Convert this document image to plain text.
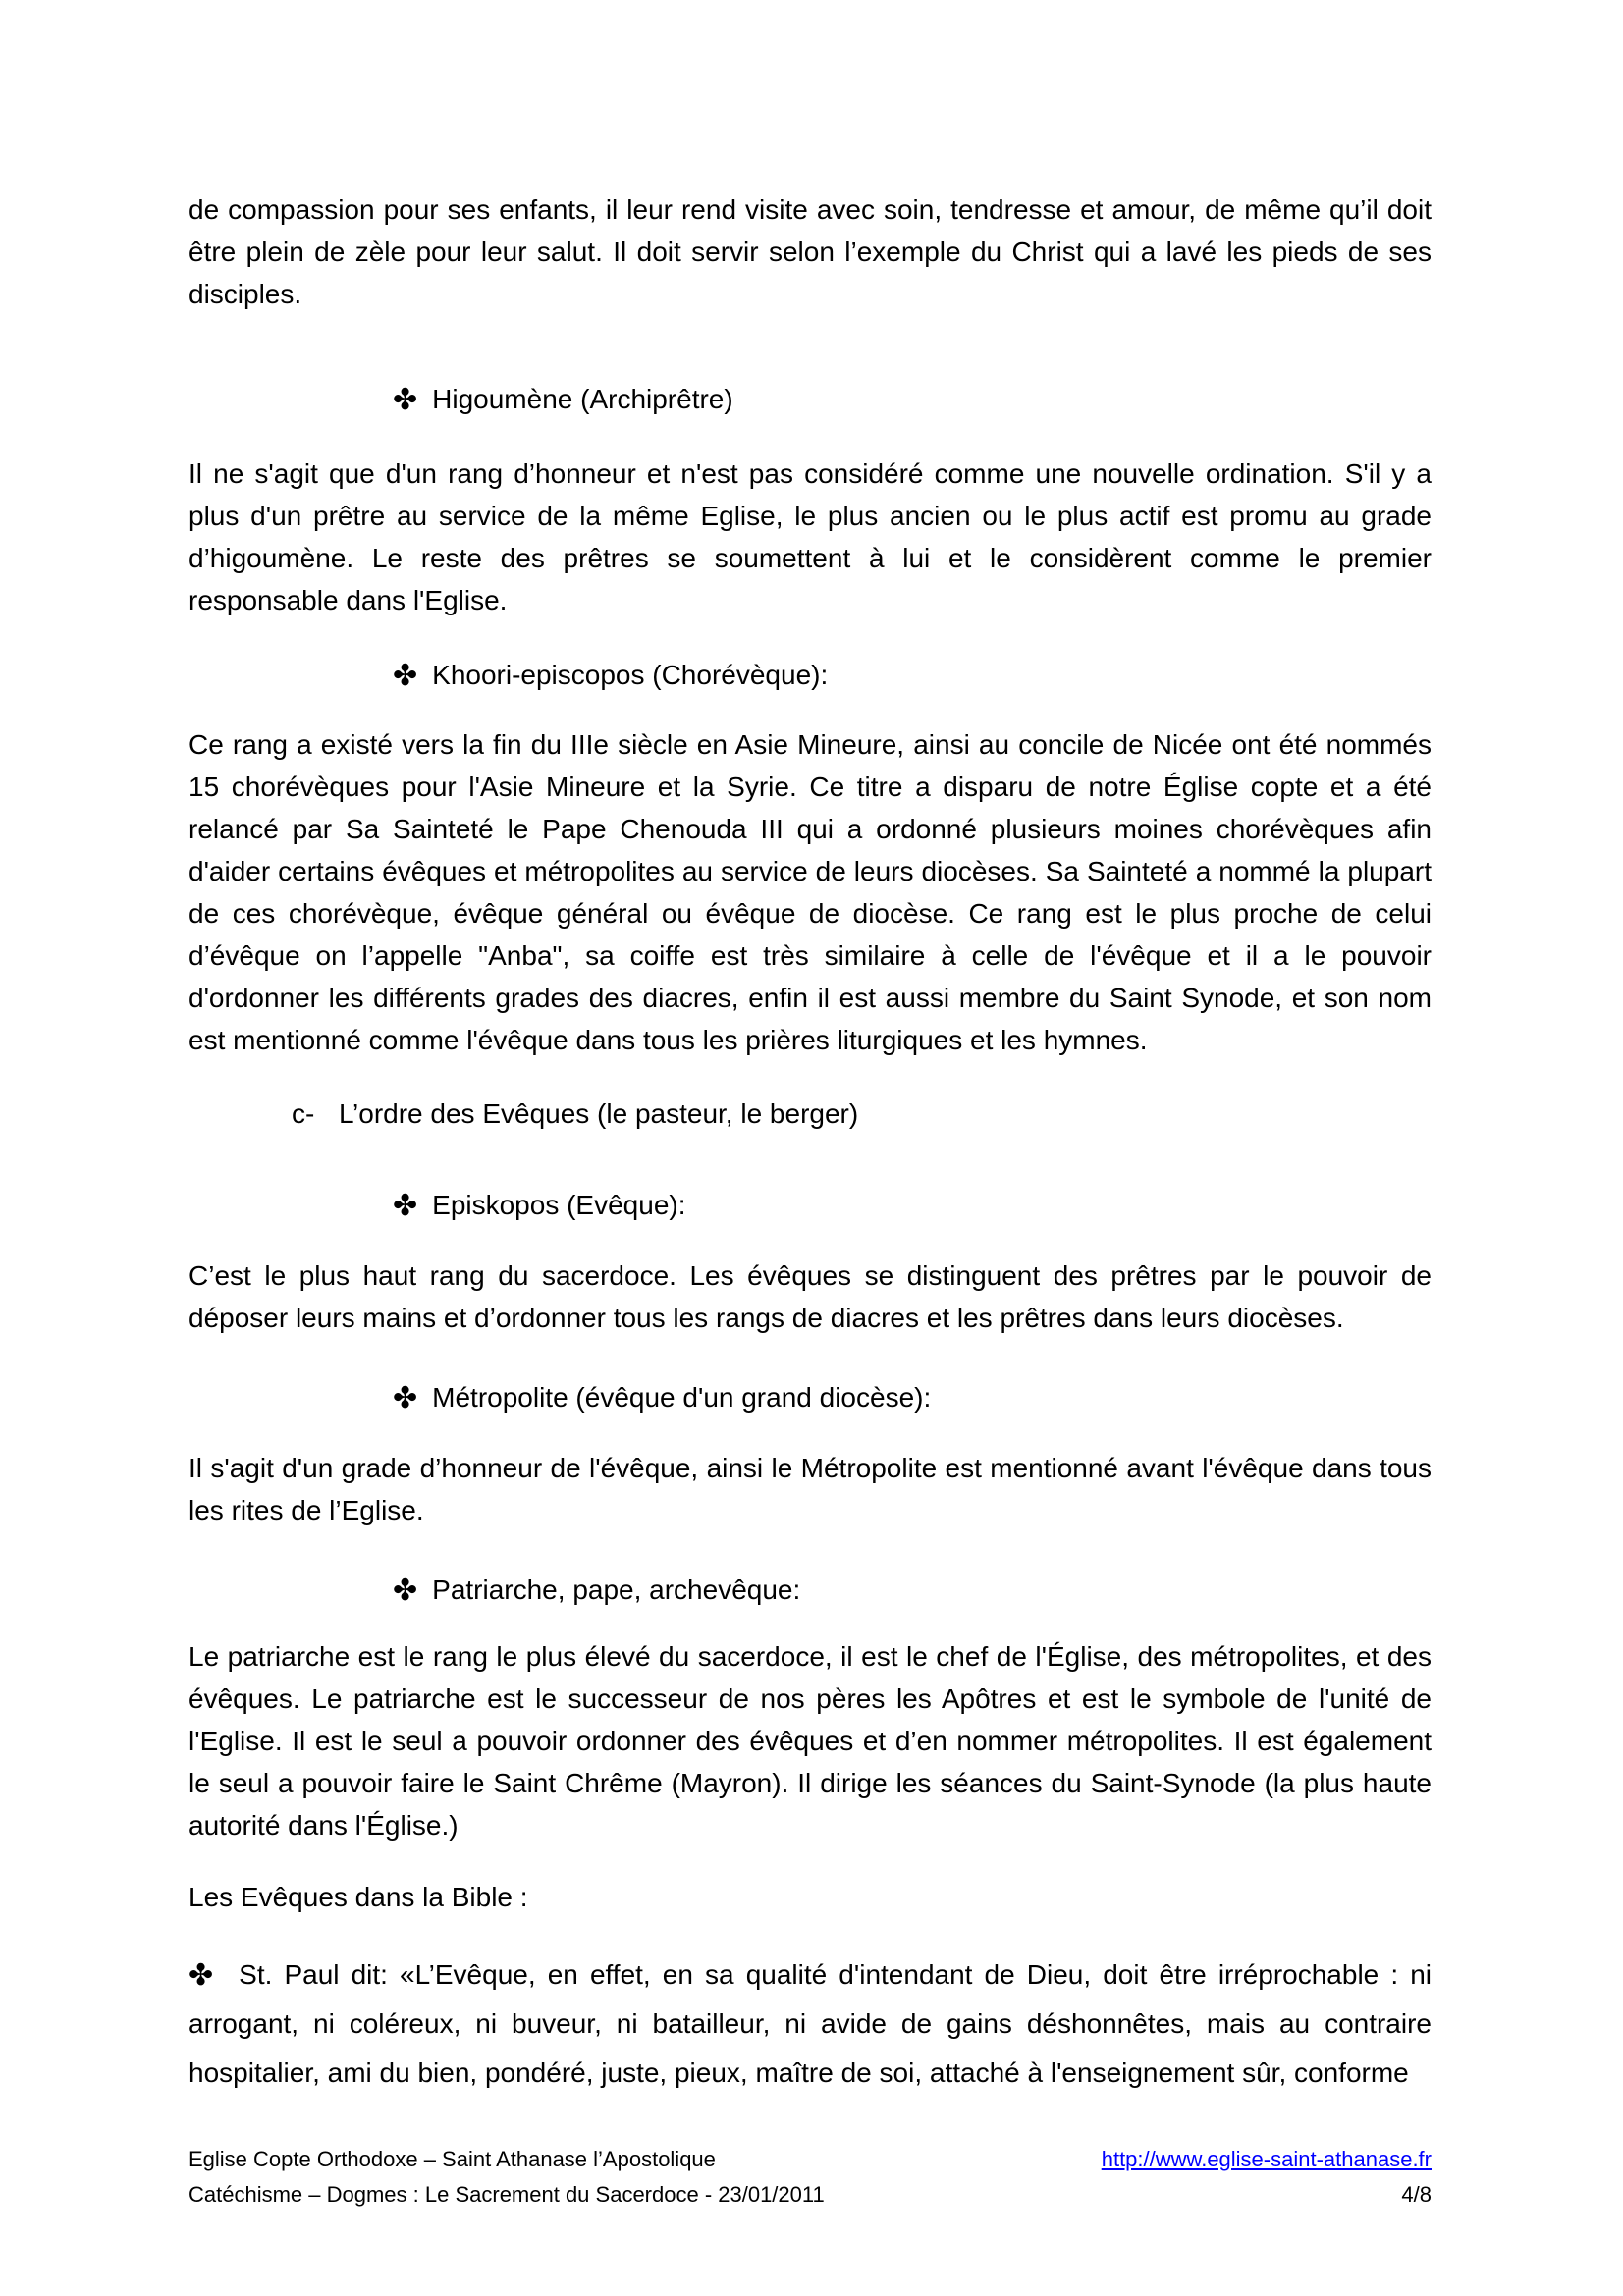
de compassion pour ses enfants, il leur rend visite avec soin, tendresse et amour, de même qu’il doit être plein de zèle pour leur salut. Il doit servir selon l’exemple du Christ qui a lavé les pieds de ses disciples.

✤ Higoumène (Archiprêtre)

Il ne s'agit que d'un rang d’honneur et n'est pas considéré comme une nouvelle ordination. S'il y a plus d'un prêtre au service de la même Eglise, le plus ancien ou le plus actif est promu au grade d’higoumène. Le reste des prêtres se soumettent à lui et le considèrent comme le premier responsable dans l'Eglise.

✤ Khoori-episcopos (Chorévèque):

Ce rang a existé vers la fin du IIIe siècle en Asie Mineure, ainsi au concile de Nicée ont été nommés 15 chorévèques pour l'Asie Mineure et la Syrie. Ce titre a disparu de notre Église copte et a été relancé par Sa Sainteté le Pape Chenouda III qui a ordonné plusieurs moines chorévèques afin d'aider certains évêques et métropolites au service de leurs diocèses. Sa Sainteté a nommé la plupart de ces chorévèque, évêque général ou évêque de diocèse. Ce rang est le plus proche de celui d’évêque on l’appelle "Anba", sa coiffe est très similaire à celle de l'évêque et il a le pouvoir d'ordonner les différents grades des diacres, enfin il est aussi membre du Saint Synode, et son nom est mentionné comme l'évêque dans tous les prières liturgiques et les hymnes.

c- L’ordre des Evêques (le pasteur, le berger)
✤ Episkopos (Evêque):

C’est le plus haut rang du sacerdoce. Les évêques se distinguent des prêtres par le pouvoir de déposer leurs mains et d’ordonner tous les rangs de diacres et les prêtres dans leurs diocèses.

✤ Métropolite (évêque d'un grand diocèse):

Il s'agit d'un grade d’honneur de l'évêque, ainsi le Métropolite est mentionné avant l'évêque dans tous les rites de l’Eglise.

✤ Patriarche, pape, archevêque:

Le patriarche est le rang le plus élevé du sacerdoce, il est le chef de l'Église, des métropolites, et des évêques. Le patriarche est le successeur de nos pères les Apôtres et est le symbole de l'unité de l'Eglise. Il est le seul a pouvoir ordonner des évêques et d’en nommer métropolites. Il est également le seul a pouvoir faire le Saint Chrême (Mayron). Il dirige les séances du Saint-Synode (la plus haute autorité dans l'Église.)

Les Evêques dans la Bible :

✤ St. Paul dit: «L’Evêque, en effet, en sa qualité d'intendant de Dieu, doit être irréprochable : ni arrogant, ni coléreux, ni buveur, ni batailleur, ni avide de gains déshonnêtes, mais au contraire hospitalier, ami du bien, pondéré, juste, pieux, maître de soi, attaché à l'enseignement sûr, conforme

Eglise Copte Orthodoxe – Saint Athanase l’Apostolique	http://www.eglise-saint-athanase.fr
Catéchisme – Dogmes : Le Sacrement du Sacerdoce - 23/01/2011	4/8
